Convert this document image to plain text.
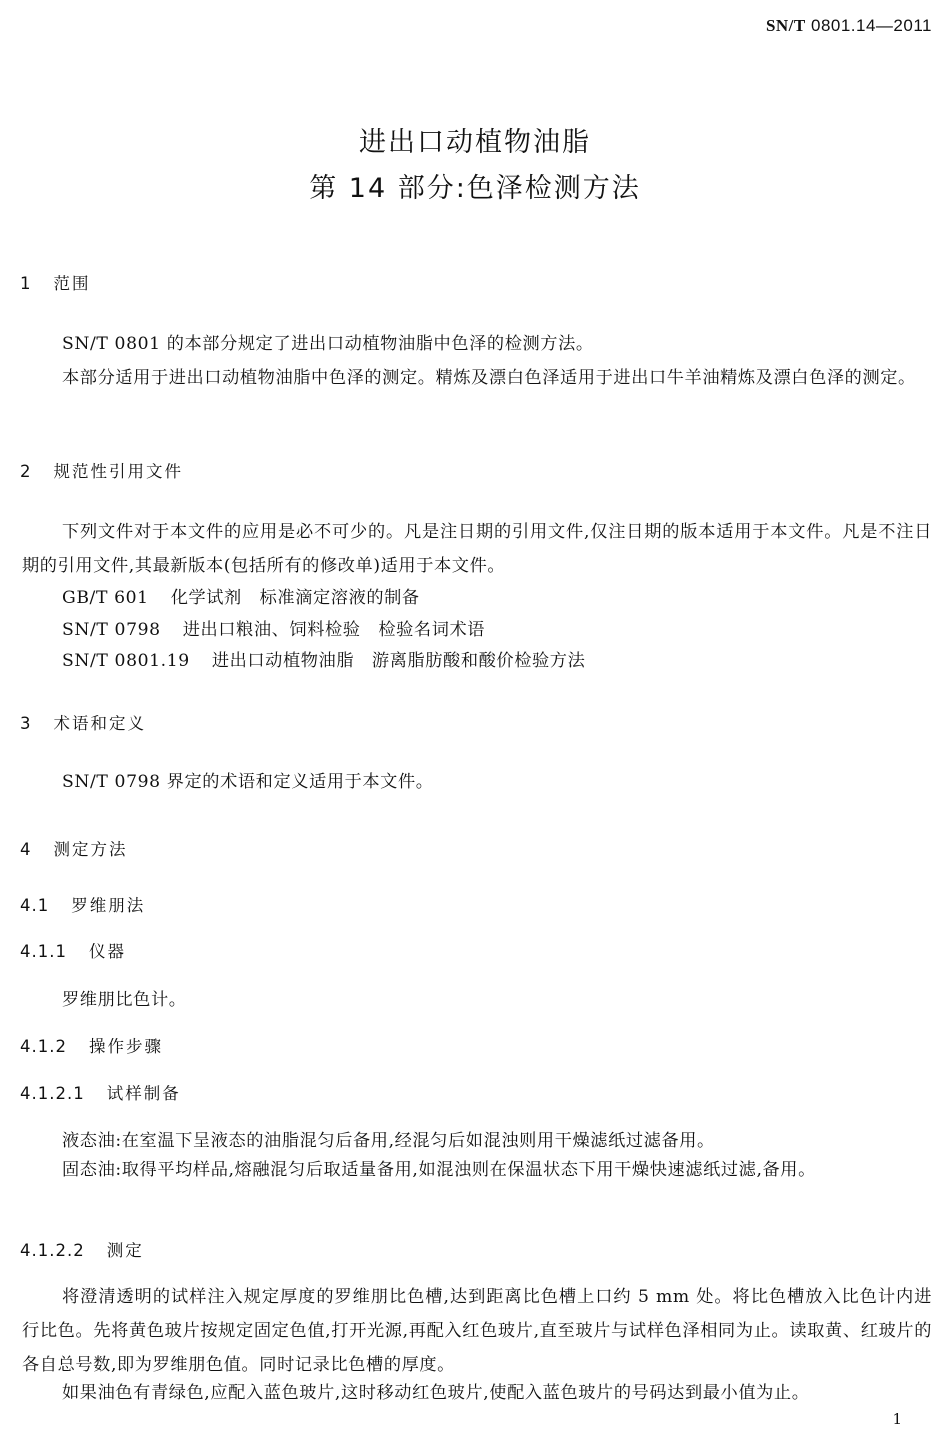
SN/T 0801.14—2011
进出口动植物油脂
第 14 部分:色泽检测方法
1 范围
SN/T 0801 的本部分规定了进出口动植物油脂中色泽的检测方法。
本部分适用于进出口动植物油脂中色泽的测定。精炼及漂白色泽适用于进出口牛羊油精炼及漂白色泽的测定。
2 规范性引用文件
下列文件对于本文件的应用是必不可少的。凡是注日期的引用文件,仅注日期的版本适用于本文件。凡是不注日期的引用文件,其最新版本(包括所有的修改单)适用于本文件。
GB/T 601 化学试剂　标准滴定溶液的制备
SN/T 0798 进出口粮油、饲料检验　检验名词术语
SN/T 0801.19 进出口动植物油脂　游离脂肪酸和酸价检验方法
3 术语和定义
SN/T 0798 界定的术语和定义适用于本文件。
4 测定方法
4.1 罗维朋法
4.1.1 仪器
罗维朋比色计。
4.1.2 操作步骤
4.1.2.1 试样制备
液态油:在室温下呈液态的油脂混匀后备用,经混匀后如混浊则用干燥滤纸过滤备用。
固态油:取得平均样品,熔融混匀后取适量备用,如混浊则在保温状态下用干燥快速滤纸过滤,备用。
4.1.2.2 测定
将澄清透明的试样注入规定厚度的罗维朋比色槽,达到距离比色槽上口约 5 mm 处。将比色槽放入比色计内进行比色。先将黄色玻片按规定固定色值,打开光源,再配入红色玻片,直至玻片与试样色泽相同为止。读取黄、红玻片的各自总号数,即为罗维朋色值。同时记录比色槽的厚度。
如果油色有青绿色,应配入蓝色玻片,这时移动红色玻片,使配入蓝色玻片的号码达到最小值为止。
1
